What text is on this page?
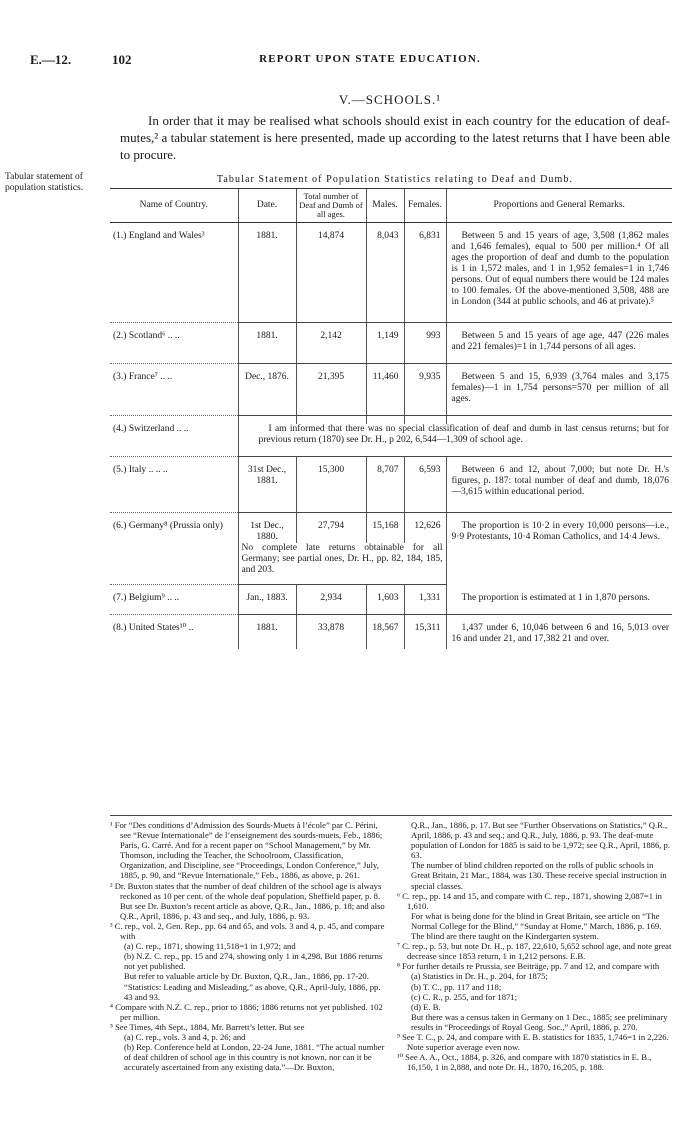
E.—12.	102	REPORT UPON STATE EDUCATION.
V.—SCHOOLS.¹
In order that it may be realised what schools should exist in each country for the education of deaf-mutes,² a tabular statement is here presented, made up according to the latest returns that I have been able to procure.
Tabular statement of population statistics.
Tabular Statement of Population Statistics relating to Deaf and Dumb.
Name of Country.	Date.	Total number of Deaf and Dumb of all ages.	Males.	Females.	Proportions and General Remarks.

(1.) England and Wales³	1881.	14,874	8,043	6,831	Between 5 and 15 years of age, 3,508 (1,862 males and 1,646 females), equal to 500 per million.⁴ Of all ages the proportion of deaf and dumb to the population is 1 in 1,572 males, and 1 in 1,952 females=1 in 1,746 persons. Out of equal numbers there would be 124 males to 100 females. Of the above-mentioned 3,508, 488 are in London (344 at public schools, and 46 at private).⁵

(2.) Scotland⁶ .. ..	1881.	2,142	1,149	993	Between 5 and 15 years of age age, 447 (226 males and 221 females)=1 in 1,744 persons of all ages.

(3.) France⁷ .. ..	Dec., 1876.	21,395	11,460	9,935	Between 5 and 15, 6,939 (3,764 males and 3,175 females)—1 in 1,754 persons=570 per million of all ages.

(4.) Switzerland .. ..	I am informed that there was no special classification of deaf and dumb in last census returns; but for previous return (1870) see Dr. H., p 202, 6,544—1,309 of school age.				

(5.) Italy .. .. ..	31st Dec., 1881.	15,300	8,707	6,593	Between 6 and 12, about 7,000; but note Dr. H.'s figures, p. 187: total number of deaf and dumb, 18,076—3,615 within educational period.

(6.) Germany⁸ (Prussia only)	1st Dec., 1880.	27,794	15,168	12,626	The proportion is 10·2 in every 10,000 persons—i.e., 9·9 Protestants, 10·4 Roman Catholics, and 14·4 Jews.

	No complete late returns obtainable for all Germany; see partial ones, Dr. H., pp. 82, 184, 185, and 203.				

(7.) Belgium⁹ .. ..	Jan., 1883.	2,934	1,603	1,331	The proportion is estimated at 1 in 1,870 persons.

(8.) United States¹⁰ ..	1881.	33,878	18,567	15,311	1,437 under 6, 10,046 between 6 and 16, 5,013 over 16 and under 21, and 17,382 21 and over.

¹ For “Des conditions d’Admission des Sourds-Muets à l’école” par C. Périni, see “Revue Internationale” de l’enseignement des sourds-muets, Feb., 1886; Paris, G. Carré. And for a recent paper on “School Management,” by Mr. Thomson, including the Teacher, the Schoolroom, Classification, Organization, and Discipline, see “Proceedings, London Conference,” July, 1885, p. 90, and “Revue Internationale,” Feb., 1886, as above, p. 261.

² Dr. Buxton states that the number of deaf children of the school age is always reckoned as 10 per cent. of the whole deaf population, Sheffield paper, p. 8. But see Dr. Buxton’s recent article as above, Q.R., Jan., 1886, p. 18; and also Q.R., April, 1886, p. 43 and seq., and July, 1886, p. 93.

³ C. rep., vol. 2, Gen. Rep., pp. 64 and 65, and vols. 3 and 4, p. 45, and compare with

(a) C. rep., 1871, showing 11,518=1 in 1,972; and

(b) N.Z. C. rep., pp. 15 and 274, showing only 1 in 4,298. But 1886 returns not yet published.

But refer to valuable article by Dr. Buxton, Q.R., Jan., 1886, pp. 17-20. “Statistics: Leading and Misleading,” as above, Q.R., April-July, 1886, pp. 43 and 93.

⁴ Compare with N.Z. C. rep., prior to 1886; 1886 returns not yet published. 102 per million.

⁵ See Times, 4th Sept., 1884, Mr. Barrett’s letter. But see

(a) C. rep., vols. 3 and 4, p. 26; and

(b) Rep. Conference held at London, 22-24 June, 1881. “The actual number of deaf children of school age in this country is not known, nor can it be accurately ascertained from any existing data.”—Dr. Buxton,

Q.R., Jan., 1886, p. 17. But see “Further Observations on Statistics,” Q.R., April, 1886, p. 43 and seq.; and Q.R., July, 1886, p. 93. The deaf-mute population of London for 1885 is said to be 1,972; see Q.R., April, 1886, p. 63.

The number of blind children reported on the rolls of public schools in Great Britain, 21 Mar., 1884, was 130. These receive special instruction in special classes.

⁶ C. rep., pp. 14 and 15, and compare with C. rep., 1871, showing 2,087=1 in 1,610.

For what is being done for the blind in Great Britain, see article on “The Normal College for the Blind,” “Sunday at Home,” March, 1886, p. 169. The blind are there taught on the Kindergarten system.

⁷ C. rep., p. 53, but note Dr. H., p. 187, 22,610, 5,652 school age, and note great decrease since 1853 return, 1 in 1,212 persons. E.B.

⁸ For further details re Prussia, see Beiträge, pp. 7 and 12, and compare with

(a) Statistics in Dr. H., p. 204, for 1875;

(b) T. C., pp. 117 and 118;

(c) C. R., p. 255, and for 1871;

(d) E. B.

But there was a census taken in Germany on 1 Dec., 1885; see preliminary results in “Proceedings of Royal Geog. Soc.,” April, 1886, p. 270.

⁹ See T. C., p. 24, and compare with E. B. statistics for 1835, 1,746=1 in 2,226. Note superior average even now.

¹⁰ See A. A., Oct., 1884, p. 326, and compare with 1870 statistics in E. B., 16,150, 1 in 2,888, and note Dr. H., 1870, 16,205, p. 188.
